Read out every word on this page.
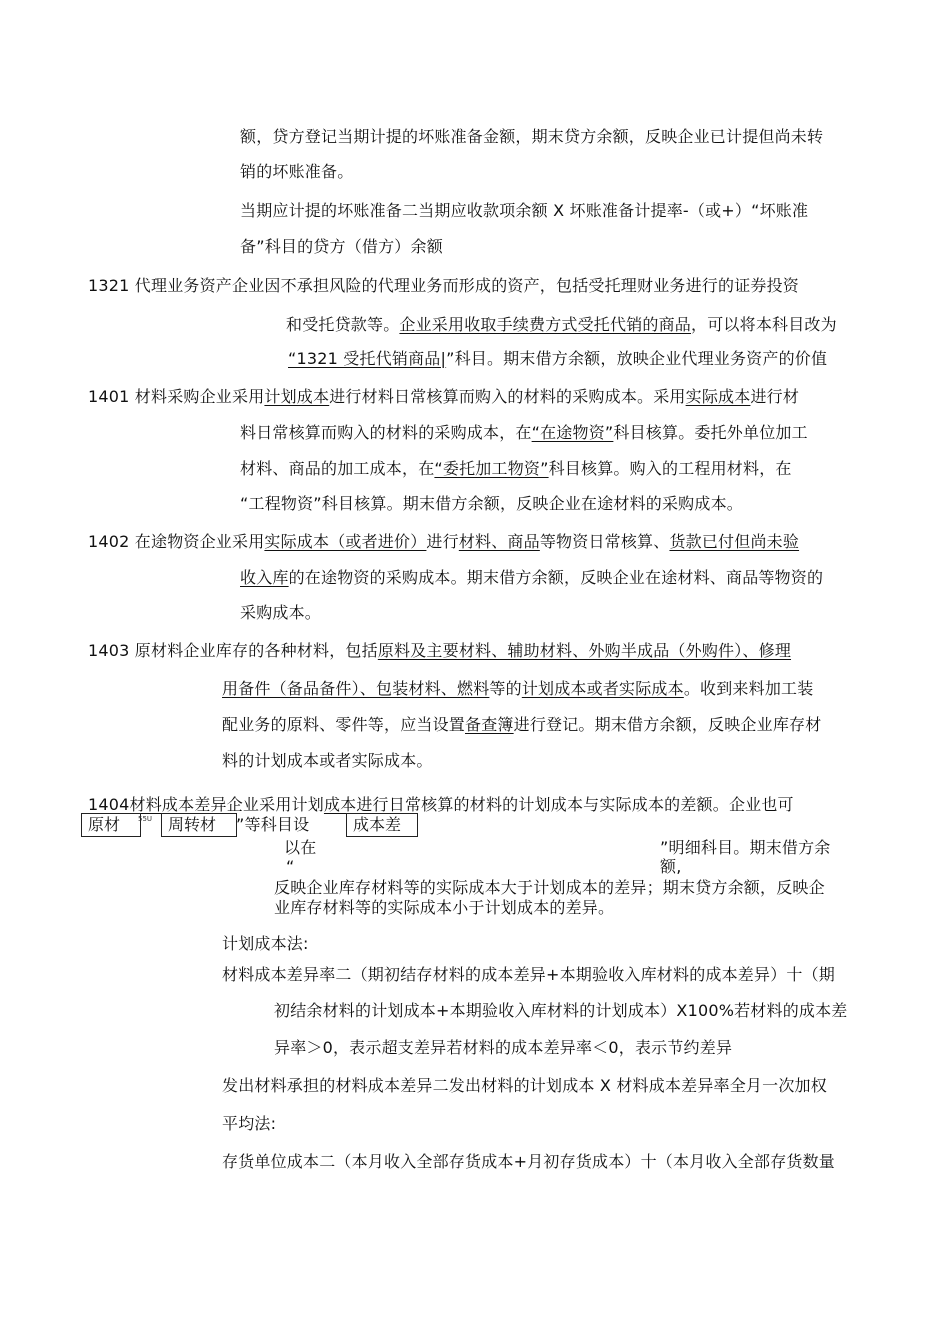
额，贷方登记当期计提的坏账准备金额，期末贷方余额，反映企业已计提但尚未转
销的坏账准备。
当期应计提的坏账准备二当期应收款项余额 X 坏账准备计提率-（或+）“坏账准
备”科目的贷方（借方）余额
1321 代理业务资产企业因不承担风险的代理业务而形成的资产，包括受托理财业务进行的证券投资
和受托贷款等。企业采用收取手续费方式受托代销的商品，可以将本科目改为
“1321 受托代销商品|”科目。期末借方余额，放映企业代理业务资产的价值
1401 材料采购企业采用计划成本进行材料日常核算而购入的材料的采购成本。采用实际成本进行材
料日常核算而购入的材料的采购成本，在“在途物资”科目核算。委托外单位加工
材料、商品的加工成本，在“委托加工物资”科目核算。购入的工程用材料，在
“工程物资”科目核算。期末借方余额，反映企业在途材料的采购成本。
1402 在途物资企业采用实际成本（或者进价）进行材料、商品等物资日常核算、货款已付但尚未验
收入库的在途物资的采购成本。期末借方余额，反映企业在途材料、商品等物资的
采购成本。
1403 原材料企业库存的各种材料，包括原料及主要材料、辅助材料、外购半成品（外购件）、修理
用备件（备品备件）、包装材料、燃料等的计划成本或者实际成本。收到来料加工装
配业务的原料、零件等，应当设置备查簿进行登记。期末借方余额，反映企业库存材
料的计划成本或者实际成本。
1404材料成本差异企业采用计划成本进行日常核算的材料的计划成本与实际成本的差额。企业也可
原材	55U 周转材	”等科目设	成本差
以在	”明细科目。期末借方余
“	额,
反映企业库存材料等的实际成本大于计划成本的差异；期末贷方余额，反映企
业库存材料等的实际成本小于计划成本的差异。
计划成本法:
材料成本差异率二（期初结存材料的成本差异+本期验收入库材料的成本差异）十（期
初结余材料的计划成本+本期验收入库材料的计划成本）X100%若材料的成本差
异率＞0，表示超支差异若材料的成本差异率＜0，表示节约差异
发出材料承担的材料成本差异二发出材料的计划成本 X 材料成本差异率全月一次加权
平均法:
存货单位成本二（本月收入全部存货成本+月初存货成本）十（本月收入全部存货数量
